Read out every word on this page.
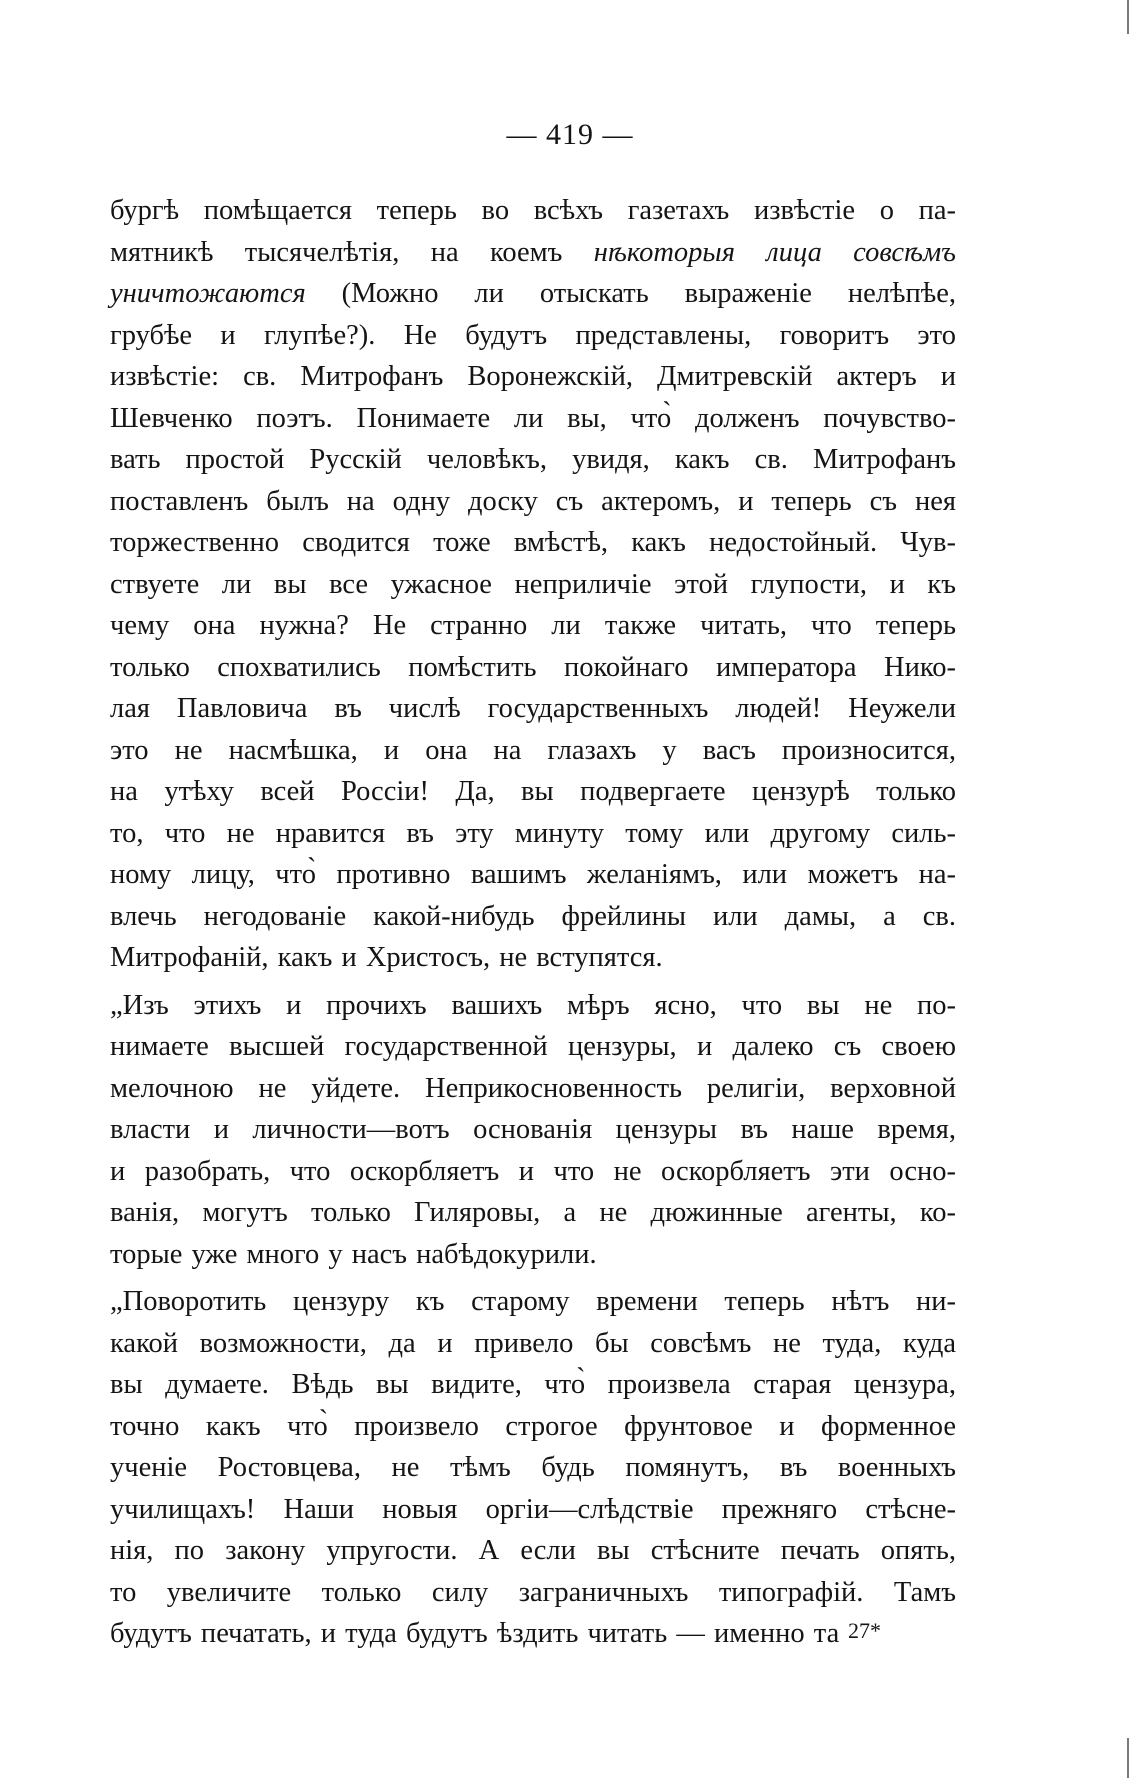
— 419 —
бургѣ помѣщается теперь во всѣхъ газетахъ извѣстіе о па-
мятникѣ тысячелѣтія, на коемъ нѣкоторыя лица совсѣмъ
уничтожаются (Можно ли отыскать выраженіе нелѣпѣе,
грубѣе и глупѣе?). Не будутъ представлены, говоритъ это
извѣстіе: св. Митрофанъ Воронежскій, Дмитревскій актеръ и
Шевченко поэтъ. Понимаете ли вы, что̀ долженъ почувство-
вать простой Русскій человѣкъ, увидя, какъ св. Митрофанъ
поставленъ былъ на одну доску съ актеромъ, и теперь съ нея
торжественно сводится тоже вмѣстѣ, какъ недостойный. Чув-
ствуете ли вы все ужасное неприличіе этой глупости, и къ
чему она нужна? Не странно ли также читать, что теперь
только спохватились помѣстить покойнаго императора Нико-
лая Павловича въ числѣ государственныхъ людей! Неужели
это не насмѣшка, и она на глазахъ у васъ произносится,
на утѣху всей Россіи! Да, вы подвергаете цензурѣ только
то, что не нравится въ эту минуту тому или другому силь-
ному лицу, что̀ противно вашимъ желаніямъ, или можетъ на-
влечь негодованіе какой-нибудь фрейлины или дамы, а св.
Митрофаній, какъ и Христосъ, не вступятся.
„Изъ этихъ и прочихъ вашихъ мѣръ ясно, что вы не по-
нимаете высшей государственной цензуры, и далеко съ своею
мелочною не уйдете. Неприкосновенность религіи, верховной
власти и личности—вотъ основанія цензуры въ наше время,
и разобрать, что оскорбляетъ и что не оскорбляетъ эти осно-
ванія, могутъ только Гиляровы, а не дюжинные агенты, ко-
торые уже много у насъ набѣдокурили.
„Поворотить цензуру къ старому времени теперь нѣтъ ни-
какой возможности, да и привело бы совсѣмъ не туда, куда
вы думаете. Вѣдь вы видите, что̀ произвела старая цензура,
точно какъ что̀ произвело строгое фрунтовое и форменное
ученіе Ростовцева, не тѣмъ будь помянутъ, въ военныхъ
училищахъ! Наши новыя оргіи—слѣдствіе прежняго стѣсне-
нія, по закону упругости. А если вы стѣсните печать опять,
то увеличите только силу заграничныхъ типографій. Тамъ
будутъ печатать, и туда будутъ ѣздить читать — именно та 27*
